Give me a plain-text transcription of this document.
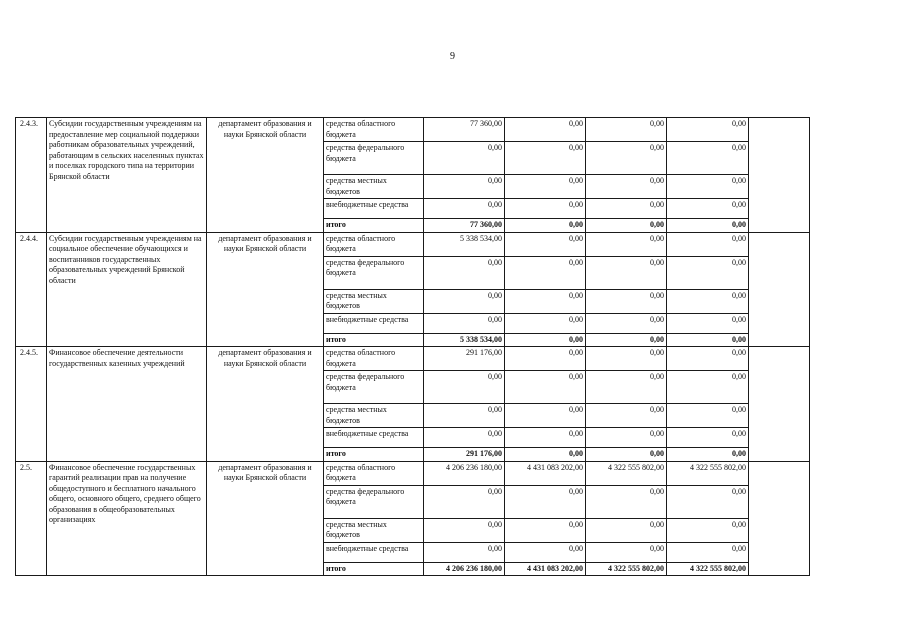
9
2.4.3.	Субсидии государственным учреждениям на предоставление мер социальной поддержки работникам образовательных учреждений, работающим в сельских населенных пунктах и поселках городского типа на территории Брянской области	департамент образования и науки Брянской области	средства областного бюджета	77 360,00	0,00	0,00	0,00	
			средства федерального бюджета	0,00	0,00	0,00	0,00	
			средства местных бюджетов	0,00	0,00	0,00	0,00	
			внебюджетные средства	0,00	0,00	0,00	0,00	
			итого	77 360,00	0,00	0,00	0,00	
2.4.4.	Субсидии государственным учреждениям на социальное обеспечение обучающихся и воспитанников государственных образовательных учреждений Брянской области	департамент образования и науки Брянской области	средства областного бюджета	5 338 534,00	0,00	0,00	0,00	
			средства федерального бюджета	0,00	0,00	0,00	0,00	
			средства местных бюджетов	0,00	0,00	0,00	0,00	
			внебюджетные средства	0,00	0,00	0,00	0,00	
			итого	5 338 534,00	0,00	0,00	0,00	
2.4.5.	Финансовое обеспечение деятельности государственных казенных учреждений	департамент образования и науки Брянской области	средства областного бюджета	291 176,00	0,00	0,00	0,00	
			средства федерального бюджета	0,00	0,00	0,00	0,00	
			средства местных бюджетов	0,00	0,00	0,00	0,00	
			внебюджетные средства	0,00	0,00	0,00	0,00	
			итого	291 176,00	0,00	0,00	0,00	
2.5.	Финансовое обеспечение государственных гарантий реализации прав на получение общедоступного и бесплатного начального общего, основного общего, среднего общего образования в общеобразовательных организациях	департамент образования и науки Брянской области	средства областного бюджета	4 206 236 180,00	4 431 083 202,00	4 322 555 802,00	4 322 555 802,00	
			средства федерального бюджета	0,00	0,00	0,00	0,00	
			средства местных бюджетов	0,00	0,00	0,00	0,00	
			внебюджетные средства	0,00	0,00	0,00	0,00	
			итого	4 206 236 180,00	4 431 083 202,00	4 322 555 802,00	4 322 555 802,00	
